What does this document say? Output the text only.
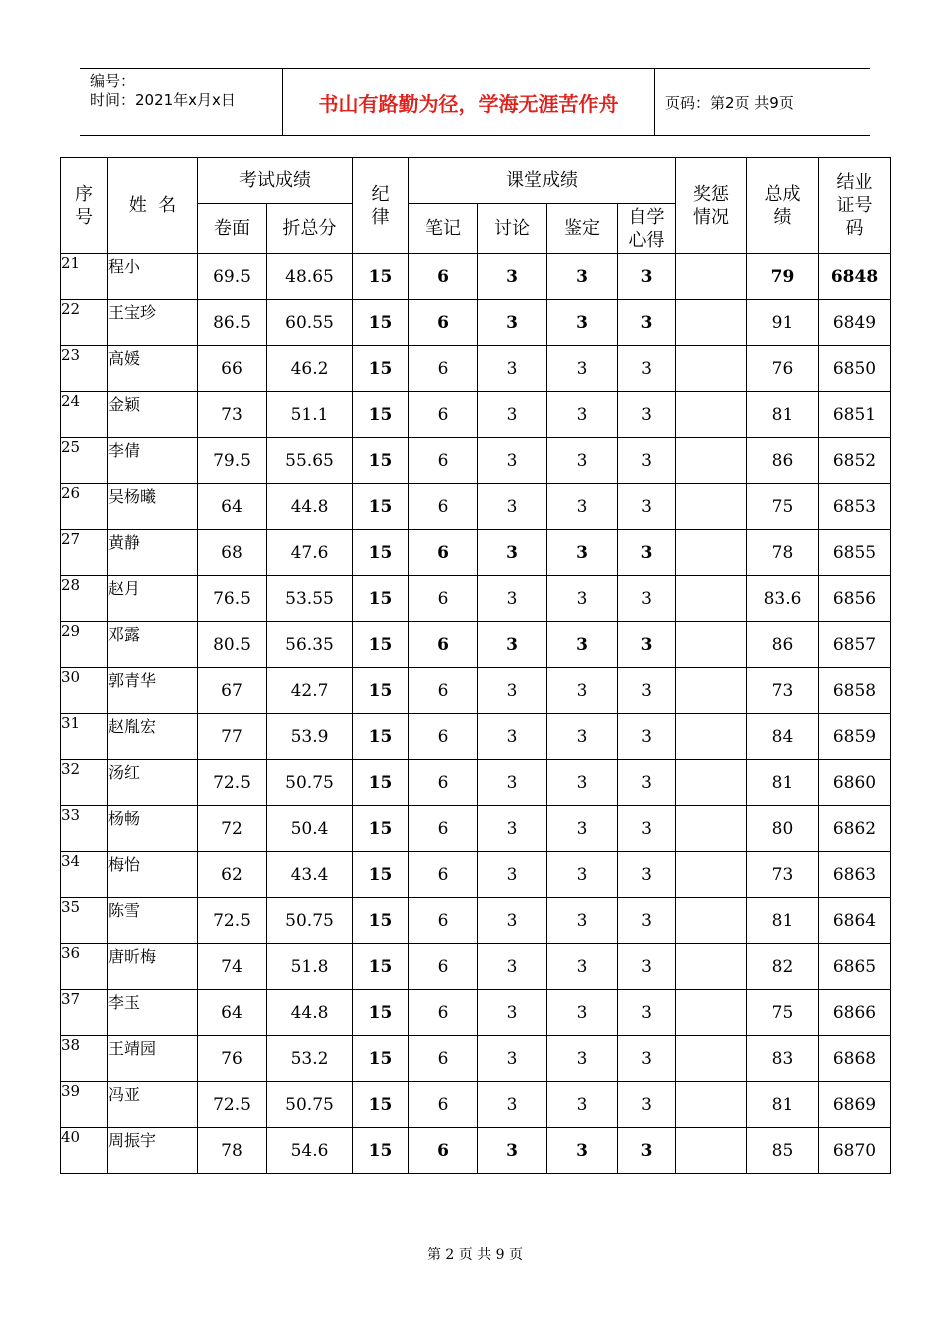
编号：
时间：2021年x月x日	书山有路勤为径，学海无涯苦作舟	页码：第2页 共9页
序号	姓  名	考试成绩		纪律	课堂成绩				奖惩情况	总成绩	结业证号码
		卷面	折总分		笔记	讨论	鉴定	自学心得			
21	程小	69.5	48.65	15	6	3	3	3		79	6848
22	王宝珍	86.5	60.55	15	6	3	3	3		91	6849
23	高媛	66	46.2	15	6	3	3	3		76	6850
24	金颖	73	51.1	15	6	3	3	3		81	6851
25	李倩	79.5	55.65	15	6	3	3	3		86	6852
26	吴杨曦	64	44.8	15	6	3	3	3		75	6853
27	黄静	68	47.6	15	6	3	3	3		78	6855
28	赵月	76.5	53.55	15	6	3	3	3		83.6	6856
29	邓露	80.5	56.35	15	6	3	3	3		86	6857
30	郭青华	67	42.7	15	6	3	3	3		73	6858
31	赵胤宏	77	53.9	15	6	3	3	3		84	6859
32	汤红	72.5	50.75	15	6	3	3	3		81	6860
33	杨畅	72	50.4	15	6	3	3	3		80	6862
34	梅怡	62	43.4	15	6	3	3	3		73	6863
35	陈雪	72.5	50.75	15	6	3	3	3		81	6864
36	唐昕梅	74	51.8	15	6	3	3	3		82	6865
37	李玉	64	44.8	15	6	3	3	3		75	6866
38	王靖园	76	53.2	15	6	3	3	3		83	6868
39	冯亚	72.5	50.75	15	6	3	3	3		81	6869
40	周振宇	78	54.6	15	6	3	3	3		85	6870
第 2 页 共 9 页
